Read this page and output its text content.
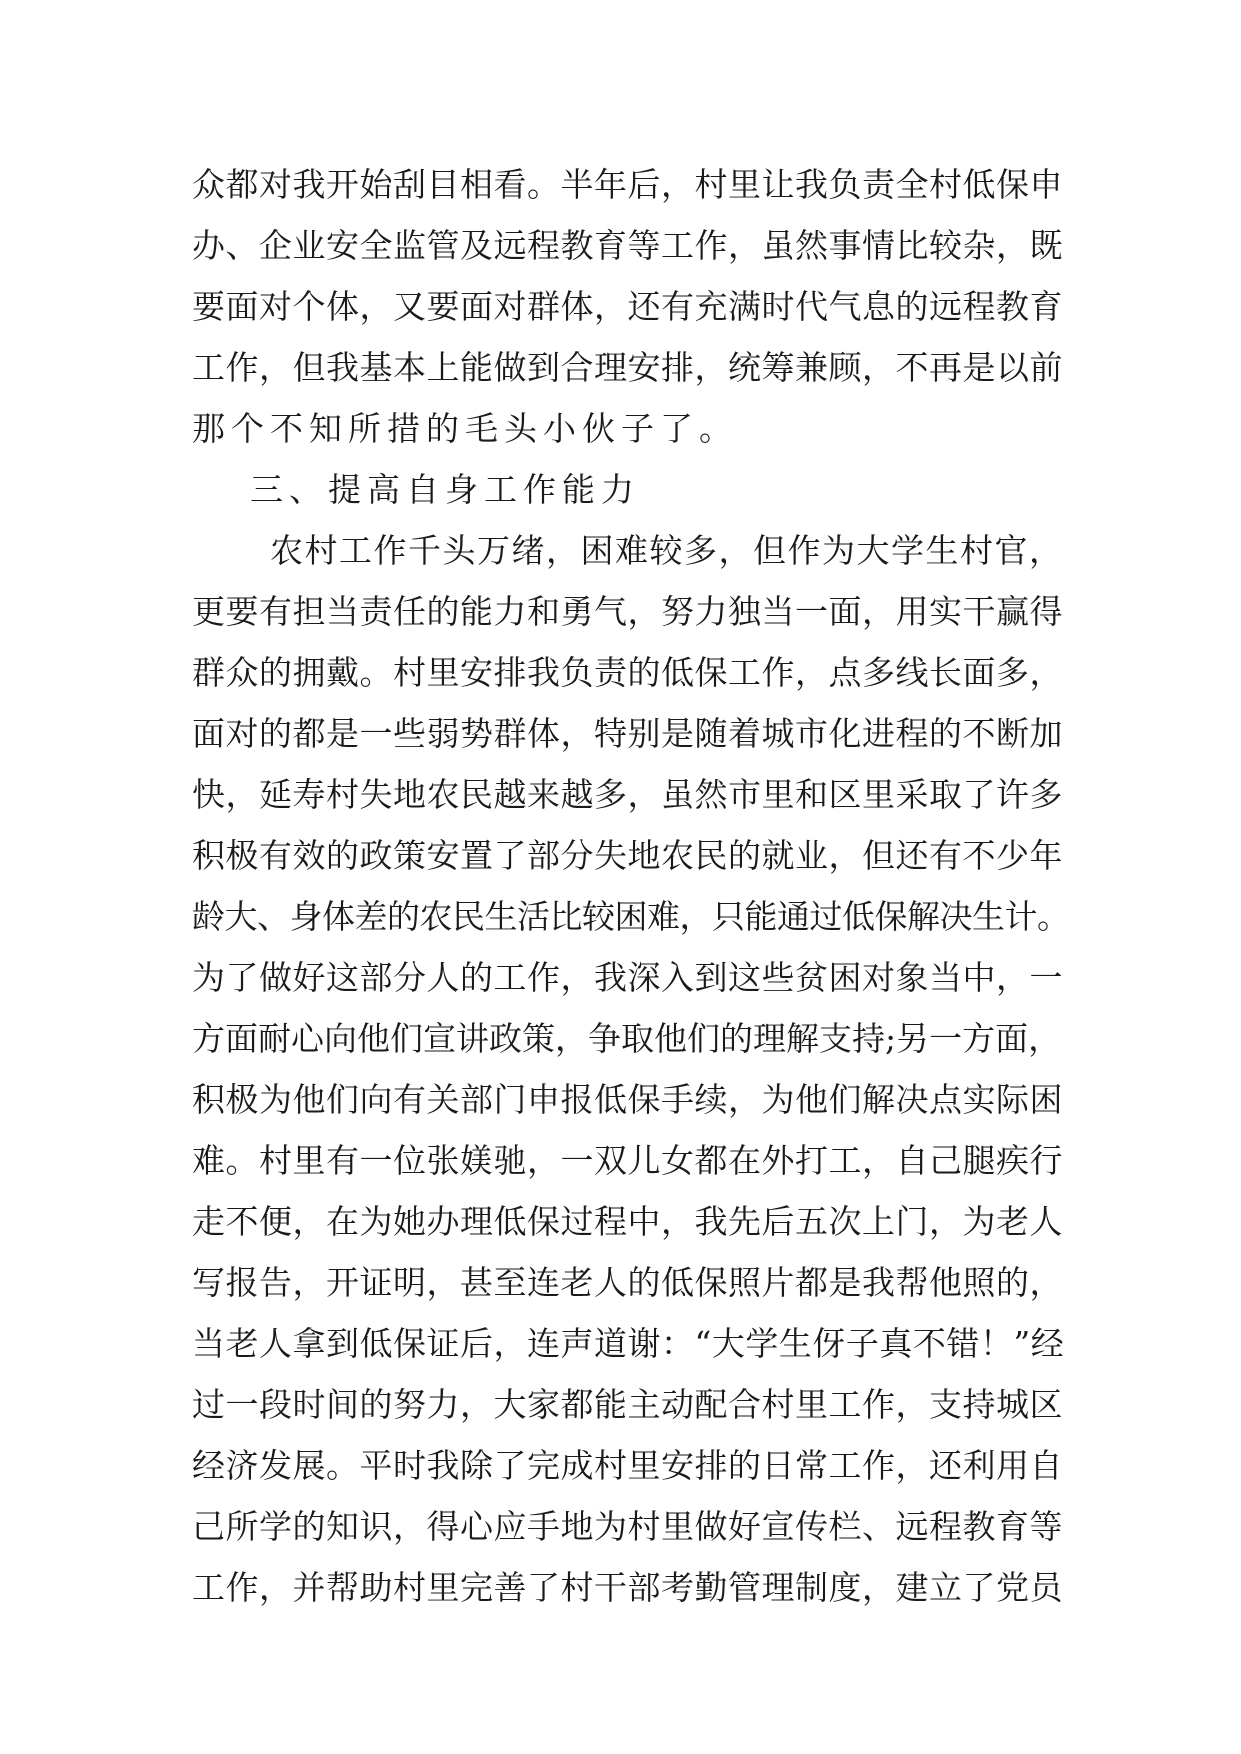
众都对我开始刮目相看。半年后，村里让我负责全村低保申
办、企业安全监管及远程教育等工作，虽然事情比较杂，既
要面对个体，又要面对群体，还有充满时代气息的远程教育
工作，但我基本上能做到合理安排，统筹兼顾，不再是以前
那个不知所措的毛头小伙子了。
三、提高自身工作能力
农村工作千头万绪，困难较多，但作为大学生村官，
更要有担当责任的能力和勇气，努力独当一面，用实干赢得
群众的拥戴。村里安排我负责的低保工作，点多线长面多，
面对的都是一些弱势群体，特别是随着城市化进程的不断加
快，延寿村失地农民越来越多，虽然市里和区里采取了许多
积极有效的政策安置了部分失地农民的就业，但还有不少年
龄大、身体差的农民生活比较困难，只能通过低保解决生计。
为了做好这部分人的工作，我深入到这些贫困对象当中，一
方面耐心向他们宣讲政策，争取他们的理解支持;另一方面，
积极为他们向有关部门申报低保手续，为他们解决点实际困
难。村里有一位张媄驰，一双儿女都在外打工，自己腿疾行
走不便，在为她办理低保过程中，我先后五次上门，为老人
写报告，开证明，甚至连老人的低保照片都是我帮他照的，
当老人拿到低保证后，连声道谢：“大学生伢子真不错！”经
过一段时间的努力，大家都能主动配合村里工作，支持城区
经济发展。平时我除了完成村里安排的日常工作，还利用自
己所学的知识，得心应手地为村里做好宣传栏、远程教育等
工作，并帮助村里完善了村干部考勤管理制度，建立了党员
